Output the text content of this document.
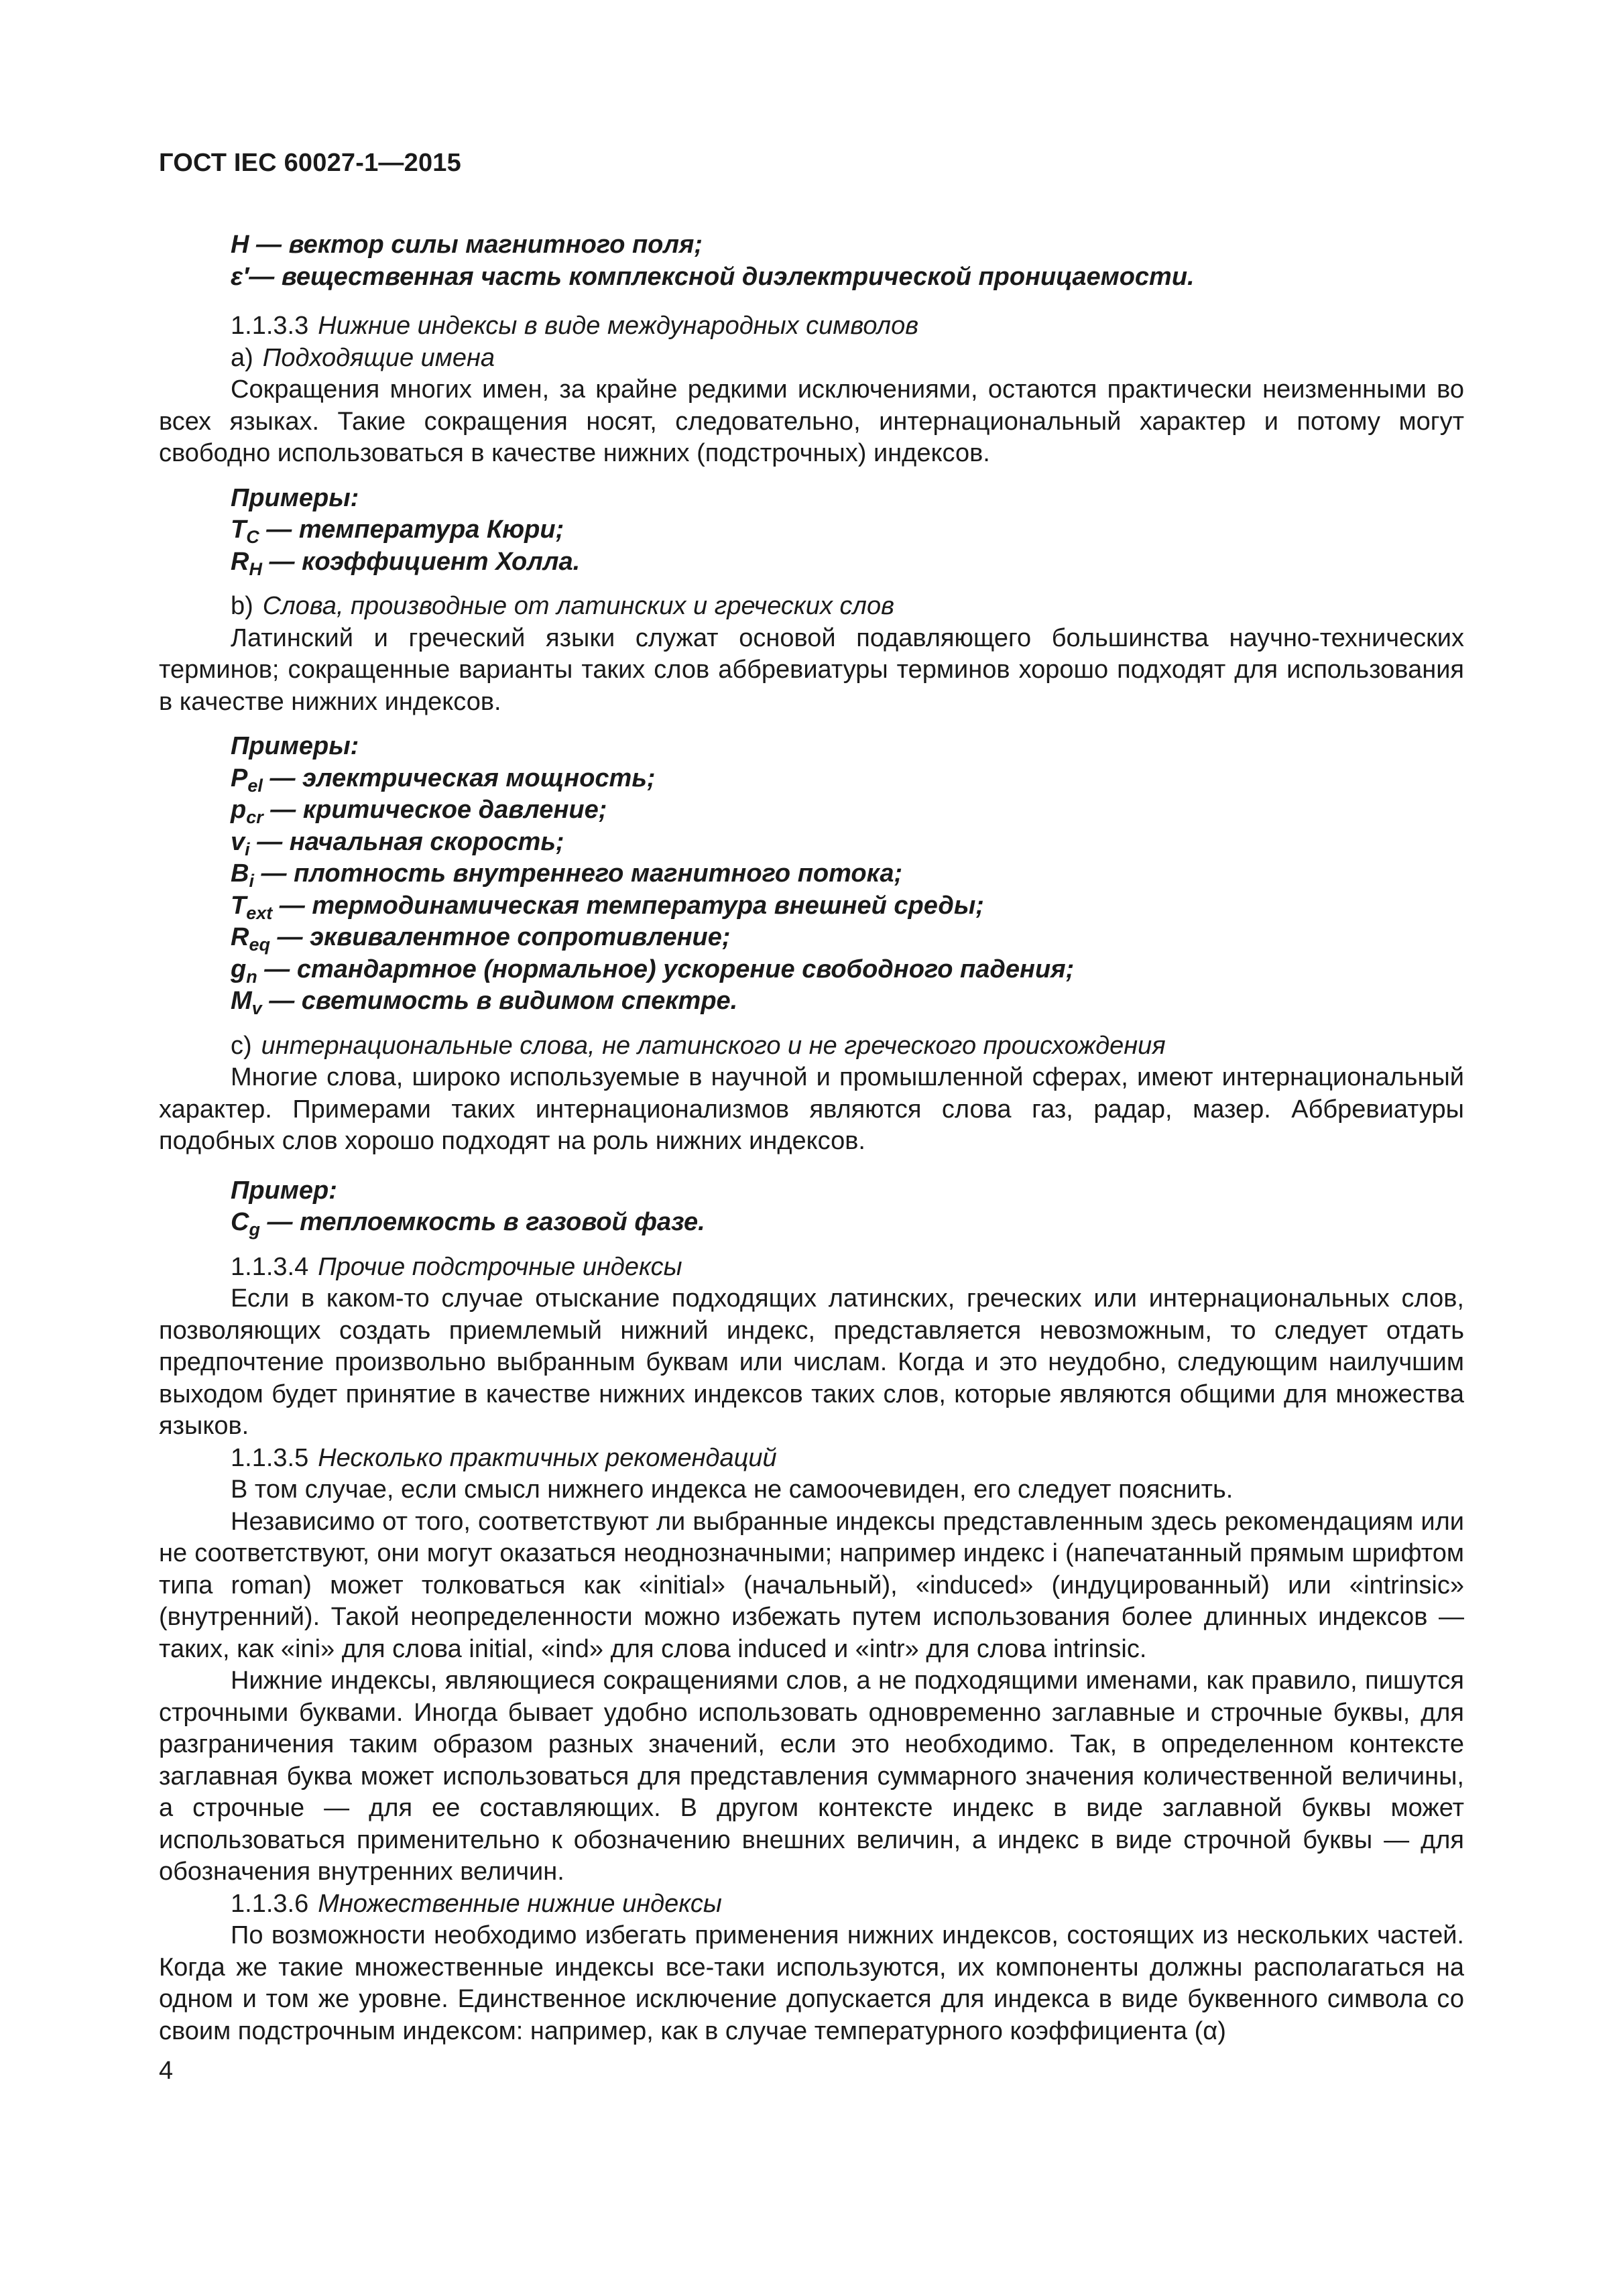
ГОСТ IEC 60027-1—2015
H — вектор силы магнитного поля;
ε′— вещественная часть комплексной диэлектрической проницаемости.
1.1.3.3 Нижние индексы в виде международных символов
a) Подходящие имена
Сокращения многих имен, за крайне редкими исключениями, остаются практически неизменными во всех языках. Такие сокращения носят, следовательно, интернациональный характер и потому могут свободно использоваться в качестве нижних (подстрочных) индексов.
Примеры:
$T_C$ — температура Кюри;
$R_H$ — коэффициент Холла.
b) Слова, производные от латинских и греческих слов
Латинский и греческий языки служат основой подавляющего большинства научно-технических терминов; сокращенные варианты таких слов аббревиатуры терминов хорошо подходят для использования в качестве нижних индексов.
Примеры:
$P_{el}$ — электрическая мощность;
$p_{cr}$ — критическое давление;
$v_i$ — начальная скорость;
$B_i$ — плотность внутреннего магнитного потока;
$T_{ext}$ — термодинамическая температура внешней среды;
$R_{eq}$ — эквивалентное сопротивление;
$g_n$ — стандартное (нормальное) ускорение свободного падения;
$M_v$ — светимость в видимом спектре.
c) интернациональные слова, не латинского и не греческого происхождения
Многие слова, широко используемые в научной и промышленной сферах, имеют интернациональный характер. Примерами таких интернационализмов являются слова газ, радар, мазер. Аббревиатуры подобных слов хорошо подходят на роль нижних индексов.
Пример:
$C_g$ — теплоемкость в газовой фазе.
1.1.3.4 Прочие подстрочные индексы
Если в каком-то случае отыскание подходящих латинских, греческих или интернациональных слов, позволяющих создать приемлемый нижний индекс, представляется невозможным, то следует отдать предпочтение произвольно выбранным буквам или числам. Когда и это неудобно, следующим наилучшим выходом будет принятие в качестве нижних индексов таких слов, которые являются общими для множества языков.
1.1.3.5 Несколько практичных рекомендаций
В том случае, если смысл нижнего индекса не самоочевиден, его следует пояснить.
Независимо от того, соответствуют ли выбранные индексы представленным здесь рекомендациям или не соответствуют, они могут оказаться неоднозначными; например индекс i (напечатанный прямым шрифтом типа roman) может толковаться как «initial» (начальный), «induced» (индуцированный) или «intrinsic» (внутренний). Такой неопределенности можно избежать путем использования более длинных индексов — таких, как «ini» для слова initial, «ind» для слова induced и «intr» для слова intrinsic.
Нижние индексы, являющиеся сокращениями слов, а не подходящими именами, как правило, пишутся строчными буквами. Иногда бывает удобно использовать одновременно заглавные и строчные буквы, для разграничения таким образом разных значений, если это необходимо. Так, в определенном контексте заглавная буква может использоваться для представления суммарного значения количественной величины, а строчные — для ее составляющих. В другом контексте индекс в виде заглавной буквы может использоваться применительно к обозначению внешних величин, а индекс в виде строчной буквы — для обозначения внутренних величин.
1.1.3.6 Множественные нижние индексы
По возможности необходимо избегать применения нижних индексов, состоящих из нескольких частей. Когда же такие множественные индексы все-таки используются, их компоненты должны располагаться на одном и том же уровне. Единственное исключение допускается для индекса в виде буквенного символа со своим подстрочным индексом: например, как в случае температурного коэффициента (α)
4
